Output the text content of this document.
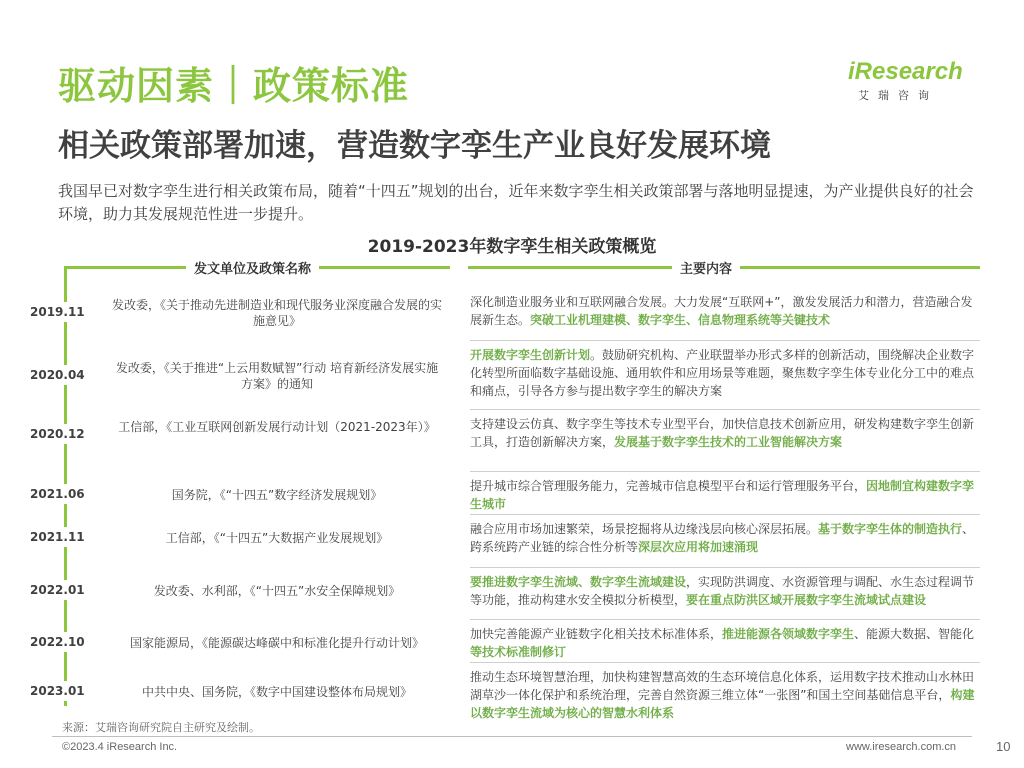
驱动因素｜政策标准
相关政策部署加速，营造数字孪生产业良好发展环境
iResearch
艾瑞咨询
我国早已对数字孪生进行相关政策布局，随着“十四五”规划的出台，近年来数字孪生相关政策部署与落地明显提速，为产业提供良好的社会环境，助力其发展规范性进一步提升。
2019-2023年数字孪生相关政策概览
发文单位及政策名称	主要内容
2019.11	发改委，《关于推动先进制造业和现代服务业深度融合发展的实施意见》
深化制造业服务业和互联网融合发展。大力发展“互联网+”，激发发展活力和潜力，营造融合发展新生态。突破工业机理建模、数字孪生、信息物理系统等关键技术
2020.04	发改委，《关于推进“上云用数赋智”行动 培育新经济发展实施方案》的通知
开展数字孪生创新计划。鼓励研究机构、产业联盟举办形式多样的创新活动，围绕解决企业数字化转型所面临数字基础设施、通用软件和应用场景等难题，聚焦数字孪生体专业化分工中的难点和痛点，引导各方参与提出数字孪生的解决方案
2020.12	工信部，《工业互联网创新发展行动计划（2021-2023年）》	支持建设云仿真、数字孪生等技术专业型平台，加快信息技术创新应用，研发构建数字孪生创新工具，打造创新解决方案，发展基于数字孪生技术的工业智能解决方案
2021.06	国务院，《“十四五”数字经济发展规划》
提升城市综合管理服务能力，完善城市信息模型平台和运行管理服务平台，因地制宜构建数字孪生城市
2021.11	工信部，《“十四五”大数据产业发展规划》
融合应用市场加速繁荣，场景挖掘将从边缘浅层向核心深层拓展。基于数字孪生体的制造执行、跨系统跨产业链的综合性分析等深层次应用将加速涌现
2022.01	发改委、水利部，《“十四五”水安全保障规划》
要推进数字孪生流域、数字孪生流域建设，实现防洪调度、水资源管理与调配、水生态过程调节等功能，推动构建水安全模拟分析模型，要在重点防洪区域开展数字孪生流域试点建设
2022.10	国家能源局，《能源碳达峰碳中和标准化提升行动计划》
加快完善能源产业链数字化相关技术标准体系，推进能源各领域数字孪生、能源大数据、智能化等技术标准制修订
2023.01	中共中央、国务院，《数字中国建设整体布局规划》
推动生态环境智慧治理，加快构建智慧高效的生态环境信息化体系，运用数字技术推动山水林田湖草沙一体化保护和系统治理，完善自然资源三维立体“一张图”和国土空间基础信息平台，构建以数字孪生流域为核心的智慧水利体系
来源：艾瑞咨询研究院自主研究及绘制。
©2023.4 iResearch Inc.	www.iresearch.com.cn	10
